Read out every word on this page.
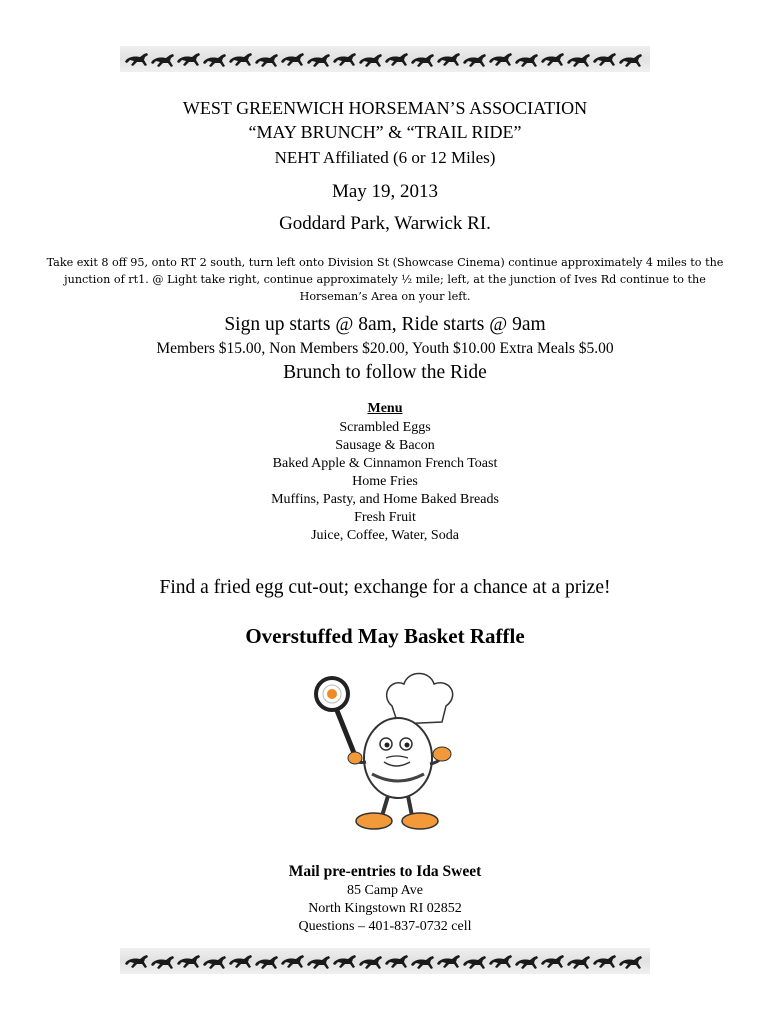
WEST GREENWICH HORSEMAN’S ASSOCIATION
“MAY BRUNCH” & “TRAIL RIDE”
NEHT Affiliated (6 or 12 Miles)
May 19, 2013
Goddard Park, Warwick RI.
Take exit 8 off 95, onto RT 2 south, turn left onto Division St (Showcase Cinema) continue approximately 4 miles to the junction of rt1. @ Light take right, continue approximately ½ mile; left, at the junction of Ives Rd continue to the Horseman’s Area on your left.
Sign up starts @ 8am, Ride starts @ 9am
Members $15.00, Non Members $20.00, Youth $10.00 Extra Meals $5.00
Brunch to follow the Ride
Menu
Scrambled Eggs
Sausage & Bacon
Baked Apple & Cinnamon French Toast
Home Fries
Muffins, Pasty, and Home Baked Breads
Fresh Fruit
Juice, Coffee, Water, Soda
Find a fried egg cut-out; exchange for a chance at a prize!
Overstuffed May Basket Raffle
Mail pre-entries to Ida Sweet
85 Camp Ave
North Kingstown RI 02852
Questions – 401-837-0732 cell
